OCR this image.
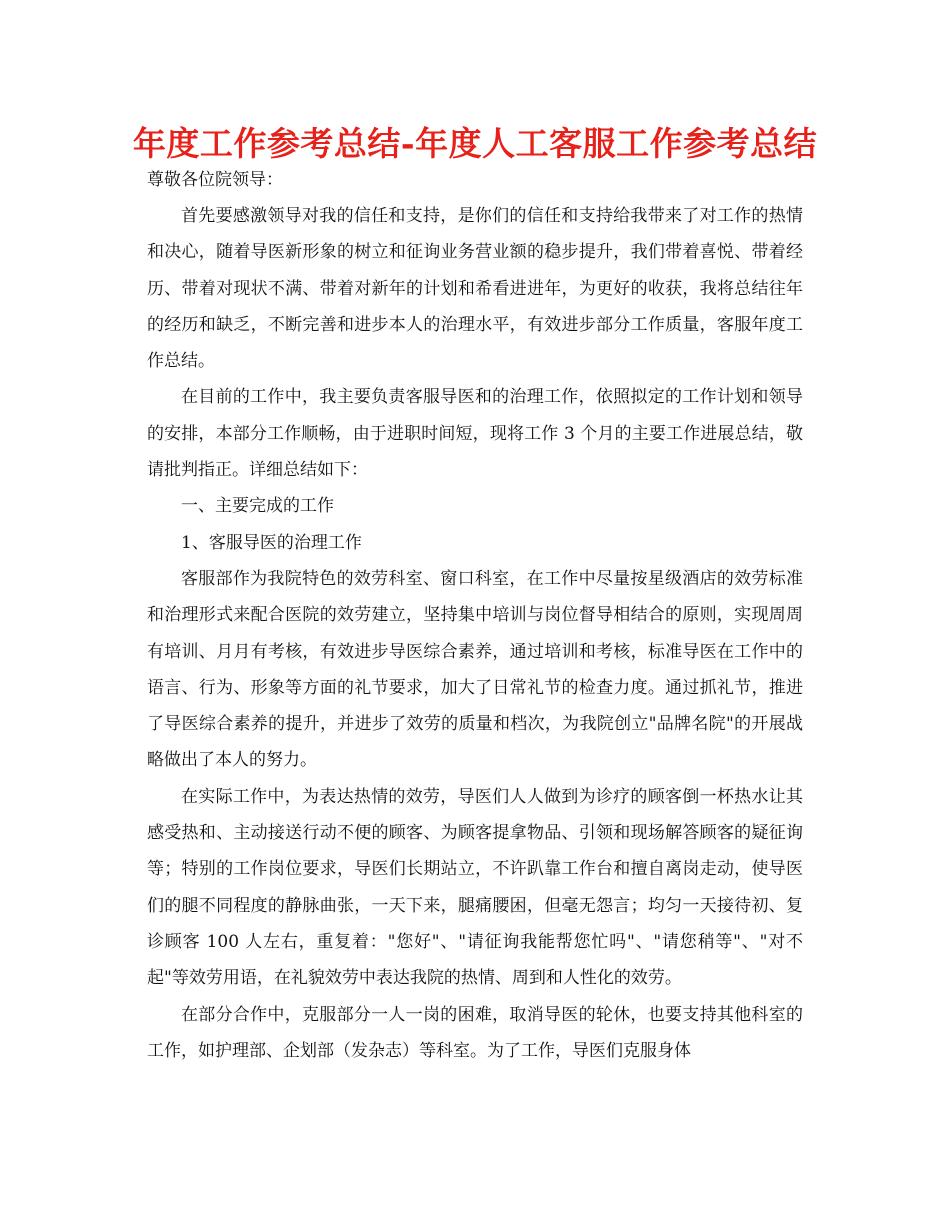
年度工作参考总结-年度人工客服工作参考总结
尊敬各位院领导：

首先要感激领导对我的信任和支持，是你们的信任和支持给我带来了对工作的热情和决心，随着导医新形象的树立和征询业务营业额的稳步提升，我们带着喜悦、带着经历、带着对现状不满、带着对新年的计划和希看进进年，为更好的收获，我将总结往年的经历和缺乏，不断完善和进步本人的治理水平，有效进步部分工作质量，客服年度工作总结。

在目前的工作中，我主要负责客服导医和的治理工作，依照拟定的工作计划和领导的安排，本部分工作顺畅，由于进职时间短，现将工作 3 个月的主要工作进展总结，敬请批判指正。详细总结如下：

一、主要完成的工作

1、客服导医的治理工作

客服部作为我院特色的效劳科室、窗口科室，在工作中尽量按星级酒店的效劳标准和治理形式来配合医院的效劳建立，坚持集中培训与岗位督导相结合的原则，实现周周有培训、月月有考核，有效进步导医综合素养，通过培训和考核，标准导医在工作中的语言、行为、形象等方面的礼节要求，加大了日常礼节的检查力度。通过抓礼节，推进了导医综合素养的提升，并进步了效劳的质量和档次，为我院创立"品牌名院"的开展战略做出了本人的努力。

在实际工作中，为表达热情的效劳，导医们人人做到为诊疗的顾客倒一杯热水让其感受热和、主动接送行动不便的顾客、为顾客提拿物品、引领和现场解答顾客的疑征询等；特别的工作岗位要求，导医们长期站立，不许趴靠工作台和擅自离岗走动，使导医们的腿不同程度的静脉曲张，一天下来，腿痛腰困，但毫无怨言；均匀一天接待初、复诊顾客 100 人左右，重复着："您好"、"请征询我能帮您忙吗"、"请您稍等"、"对不起"等效劳用语，在礼貌效劳中表达我院的热情、周到和人性化的效劳。

在部分合作中，克服部分一人一岗的困难，取消导医的轮休，也要支持其他科室的工作，如护理部、企划部（发杂志）等科室。为了工作，导医们克服身体
